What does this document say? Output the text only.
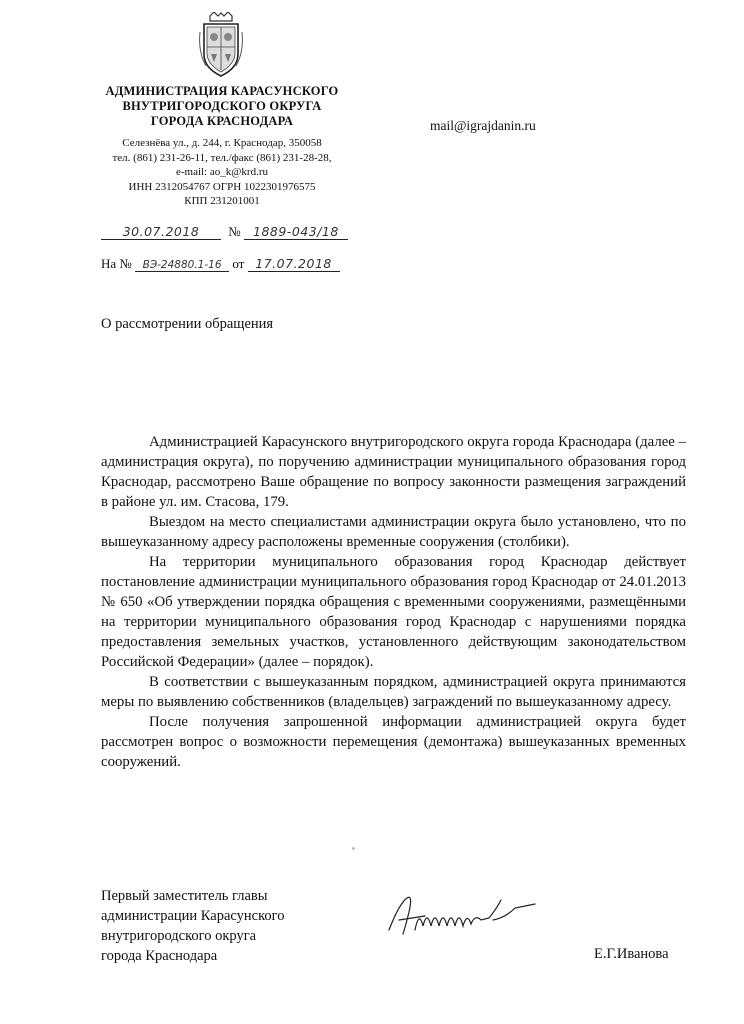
АДМИНИСТРАЦИЯ КАРАСУНСКОГО
ВНУТРИГОРОДСКОГО ОКРУГА
ГОРОДА КРАСНОДАРА
Селезнёва ул., д. 244, г. Краснодар, 350058
тел. (861) 231-26-11, тел./факс (861) 231-28-28,
e-mail: ao_k@krd.ru
ИНН 2312054767 ОГРН 1022301976575
КПП 231201001
mail@igrajdanin.ru
30.07.2018 № 1889-043/18
На № ВЭ-24880.1-16 от 17.07.2018
О рассмотрении обращения

Администрацией Карасунского внутригородского округа города Краснодара (далее – администрация округа), по поручению администрации муниципального образования город Краснодар, рассмотрено Ваше обращение по вопросу законности размещения заграждений в районе ул. им. Стасова, 179.

Выездом на место специалистами администрации округа было установлено, что по вышеуказанному адресу расположены временные сооружения (столбики).

На территории муниципального образования город Краснодар действует постановление администрации муниципального образования город Краснодар от 24.01.2013 № 650 «Об утверждении порядка обращения с временными сооружениями, размещёнными на территории муниципального образования город Краснодар с нарушениями порядка предоставления земельных участков, установленного действующим законодательством Российской Федерации» (далее – порядок).

В соответствии с вышеуказанным порядком, администрацией округа принимаются меры по выявлению собственников (владельцев) заграждений по вышеуказанному адресу.

После получения запрошенной информации администрацией округа будет рассмотрен вопрос о возможности перемещения (демонтажа) вышеуказанных временных сооружений.

Первый заместитель главы
администрации Карасунского
внутригородского округа
города Краснодара	Е.Г.Иванова
